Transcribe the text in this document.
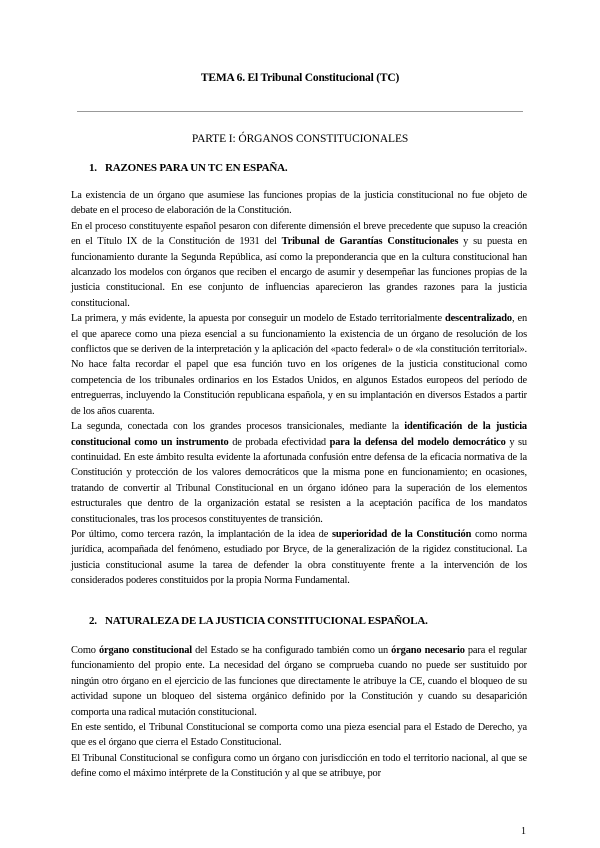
TEMA 6. El Tribunal Constitucional (TC)
PARTE I: ÓRGANOS CONSTITUCIONALES
1. RAZONES PARA UN TC EN ESPAÑA.

La existencia de un órgano que asumiese las funciones propias de la justicia constitucional no fue objeto de debate en el proceso de elaboración de la Constitución.

En el proceso constituyente español pesaron con diferente dimensión el breve precedente que supuso la creación en el Título IX de la Constitución de 1931 del Tribunal de Garantías Constitucionales y su puesta en funcionamiento durante la Segunda República, así como la preponderancia que en la cultura constitucional han alcanzado los modelos con órganos que reciben el encargo de asumir y desempeñar las funciones propias de la justicia constitucional. En ese conjunto de influencias aparecieron las grandes razones para la justicia constitucional.

La primera, y más evidente, la apuesta por conseguir un modelo de Estado territorialmente descentralizado, en el que aparece como una pieza esencial a su funcionamiento la existencia de un órgano de resolución de los conflictos que se deriven de la interpretación y la aplicación del «pacto federal» o de «la constitución territorial». No hace falta recordar el papel que esa función tuvo en los orígenes de la justicia constitucional como competencia de los tribunales ordinarios en los Estados Unidos, en algunos Estados europeos del período de entreguerras, incluyendo la Constitución republicana española, y en su implantación en diversos Estados a partir de los años cuarenta.

La segunda, conectada con los grandes procesos transicionales, mediante la identificación de la justicia constitucional como un instrumento de probada efectividad para la defensa del modelo democrático y su continuidad. En este ámbito resulta evidente la afortunada confusión entre defensa de la eficacia normativa de la Constitución y protección de los valores democráticos que la misma pone en funcionamiento; en ocasiones, tratando de convertir al Tribunal Constitucional en un órgano idóneo para la superación de los elementos estructurales que dentro de la organización estatal se resisten a la aceptación pacífica de los mandatos constitucionales, tras los procesos constituyentes de transición.

Por último, como tercera razón, la implantación de la idea de superioridad de la Constitución como norma jurídica, acompañada del fenómeno, estudiado por Bryce, de la generalización de la rigidez constitucional. La justicia constitucional asume la tarea de defender la obra constituyente frente a la intervención de los considerados poderes constituidos por la propia Norma Fundamental.

2. NATURALEZA DE LA JUSTICIA CONSTITUCIONAL ESPAÑOLA.

Como órgano constitucional del Estado se ha configurado también como un órgano necesario para el regular funcionamiento del propio ente. La necesidad del órgano se comprueba cuando no puede ser sustituido por ningún otro órgano en el ejercicio de las funciones que directamente le atribuye la CE, cuando el bloqueo de su actividad supone un bloqueo del sistema orgánico definido por la Constitución y cuando su desaparición comporta una radical mutación constitucional.

En este sentido, el Tribunal Constitucional se comporta como una pieza esencial para el Estado de Derecho, ya que es el órgano que cierra el Estado Constitucional.

El Tribunal Constitucional se configura como un órgano con jurisdicción en todo el territorio nacional, al que se define como el máximo intérprete de la Constitución y al que se atribuye, por

1
